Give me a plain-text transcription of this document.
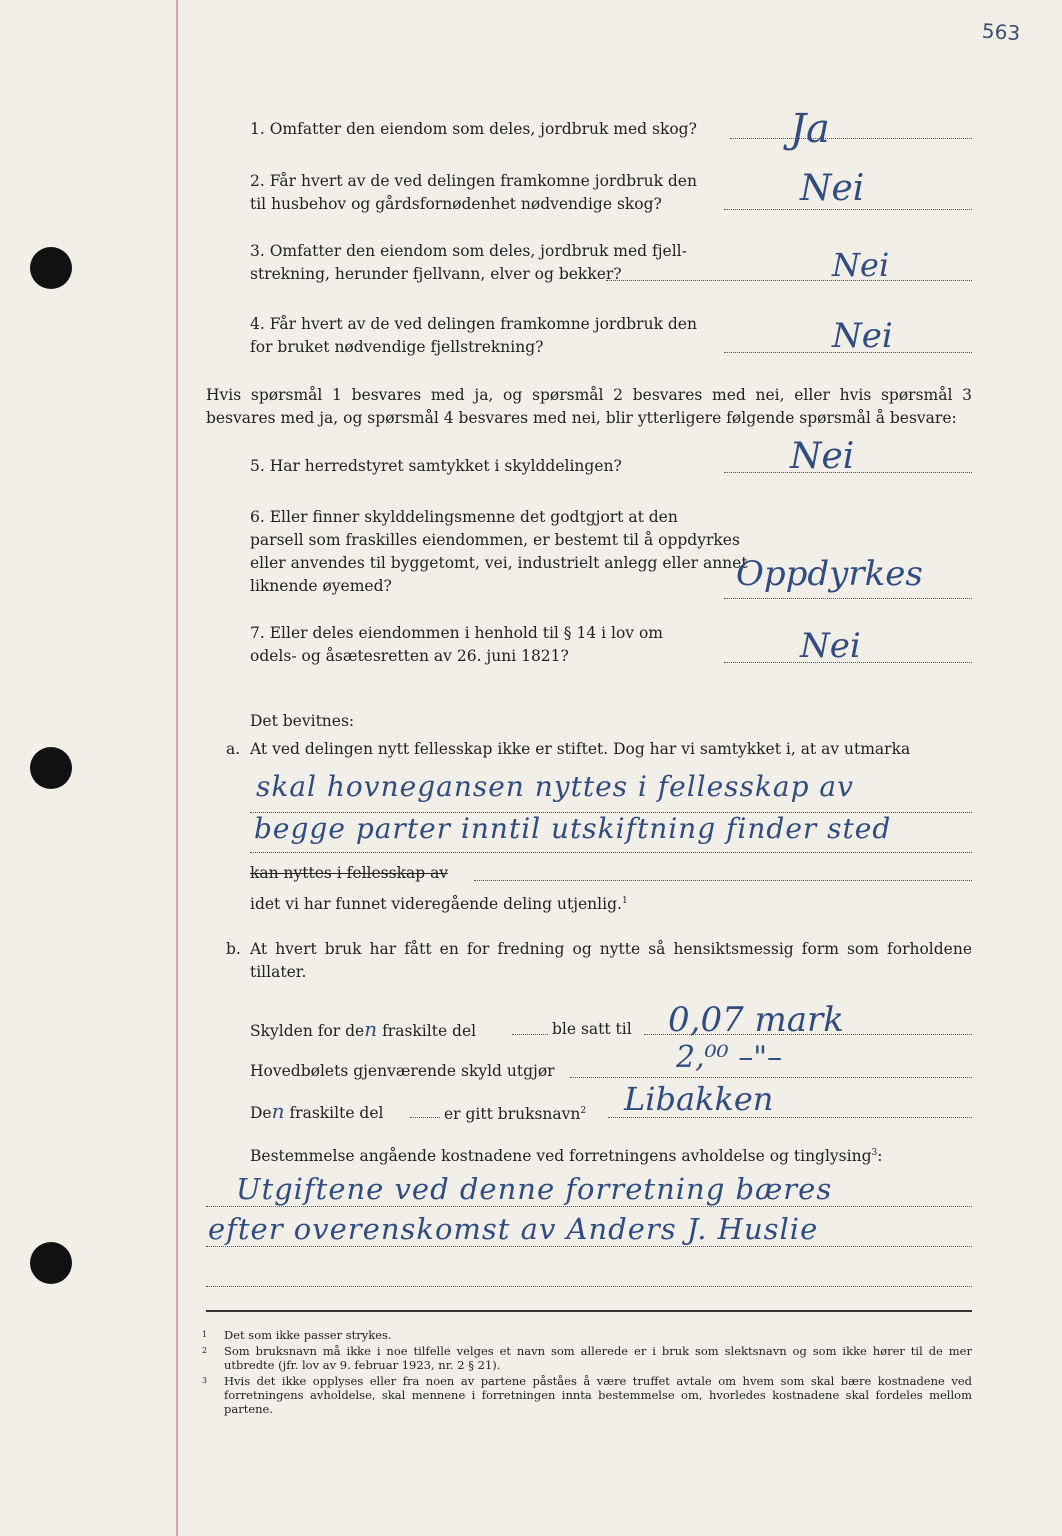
563
1. Omfatter den eiendom som deles, jordbruk med skog?	Ja
2. Får hvert av de ved delingen framkomne jordbruk den
til husbehov og gårdsfornødenhet nødvendige skog?	Nei
3. Omfatter den eiendom som deles, jordbruk med fjell-
strekning, herunder fjellvann, elver og bekker?	Nei
4. Får hvert av de ved delingen framkomne jordbruk den
for bruket nødvendige fjellstrekning?	Nei
Hvis spørsmål 1 besvares med ja, og spørsmål 2 besvares med nei, eller hvis spørsmål 3 besvares med ja, og spørsmål 4 besvares med nei, blir ytterligere følgende spørsmål å besvare:
5. Har herredstyret samtykket i skylddelingen?	Nei
6. Eller finner skylddelingsmenne det godtgjort at den
parsell som fraskilles eiendommen, er bestemt til å oppdyrkes
eller anvendes til byggetomt, vei, industrielt anlegg eller annet
liknende øyemed?	Oppdyrkes
7. Eller deles eiendommen i henhold til § 14 i lov om
odels- og åsætesretten av 26. juni 1821?	Nei
Det bevitnes:
a. At ved delingen nytt fellesskap ikke er stiftet. Dog har vi samtykket i, at av utmarka
skal hovnegansen nyttes i fellesskap av
begge parter inntil utskiftning finder sted
kan nyttes i fellesskap av
idet vi har funnet videregående deling utjenlig.$^1$
b. At hvert bruk har fått en for fredning og nytte så hensiktsmessig form som forholdene tillater.
Skylden for den fraskilte del	ble satt til 0,07 mark
Hovedbølets gjenværende skyld utgjør	2,⁰⁰ –"–
Den fraskilte del	er gitt bruksnavn$^2$ Libakken
Bestemmelse angående kostnadene ved forretningens avholdelse og tinglysing$^3$:
Utgiftene ved denne forretning bæres
efter overenskomst av Anders J. Huslie
1 Det som ikke passer strykes.

2 Som bruksnavn må ikke i noe tilfelle velges et navn som allerede er i bruk som slektsnavn og som ikke hører til de mer utbredte (jfr. lov av 9. februar 1923, nr. 2 § 21).

3 Hvis det ikke opplyses eller fra noen av partene påståes å være truffet avtale om hvem som skal bære kostnadene ved forretningens avholdelse, skal mennene i forretningen innta bestemmelse om, hvorledes kostnadene skal fordeles mellom partene.
